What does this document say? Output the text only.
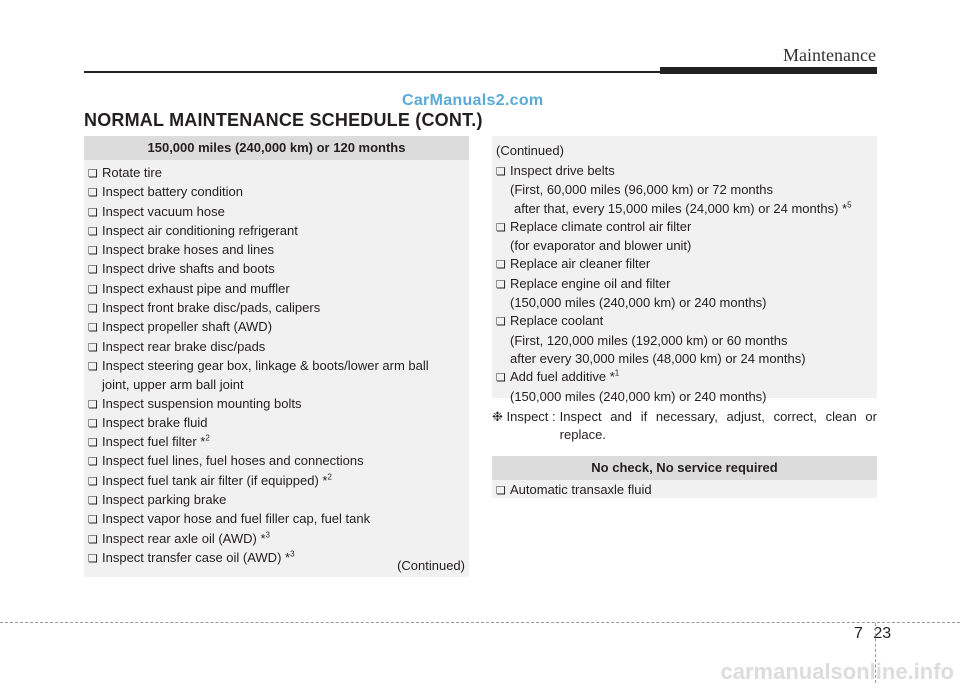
Maintenance
CarManuals2.com
NORMAL MAINTENANCE SCHEDULE (CONT.)
150,000 miles (240,000 km) or 120 months
❏ Rotate tire
❏ Inspect battery condition
❏ Inspect vacuum hose
❏ Inspect air conditioning refrigerant
❏ Inspect brake hoses and lines
❏ Inspect drive shafts and boots
❏ Inspect exhaust pipe and muffler
❏ Inspect front brake disc/pads, calipers
❏ Inspect propeller shaft (AWD)
❏ Inspect rear brake disc/pads
❏ Inspect steering gear box, linkage & boots/lower arm ball
joint, upper arm ball joint
❏ Inspect suspension mounting bolts
❏ Inspect brake fluid
❏ Inspect fuel filter *$^2$
❏ Inspect fuel lines, fuel hoses and connections
❏ Inspect fuel tank air filter (if equipped) *$^2$
❏ Inspect parking brake
❏ Inspect vapor hose and fuel filler cap, fuel tank
❏ Inspect rear axle oil (AWD) *$^3$
❏ Inspect transfer case oil (AWD) *$^3$
(Continued)
(Continued)
❏ Inspect drive belts
(First, 60,000 miles (96,000 km) or 72 months
after that, every 15,000 miles (24,000 km) or 24 months) *$^5$
❏ Replace climate control air filter
(for evaporator and blower unit)
❏ Replace air cleaner filter
❏ Replace engine oil and filter
(150,000 miles (240,000 km) or 240 months)
❏ Replace coolant
(First, 120,000 miles (192,000 km) or 60 months
after every 30,000 miles (48,000 km) or 24 months)
❏ Add fuel additive *$^1$
(150,000 miles (240,000 km) or 240 months)
❉ Inspect : Inspect and if necessary, adjust, correct, clean or replace.
No check, No service required
❏ Automatic transaxle fluid
7 23
carmanualsonline.info
